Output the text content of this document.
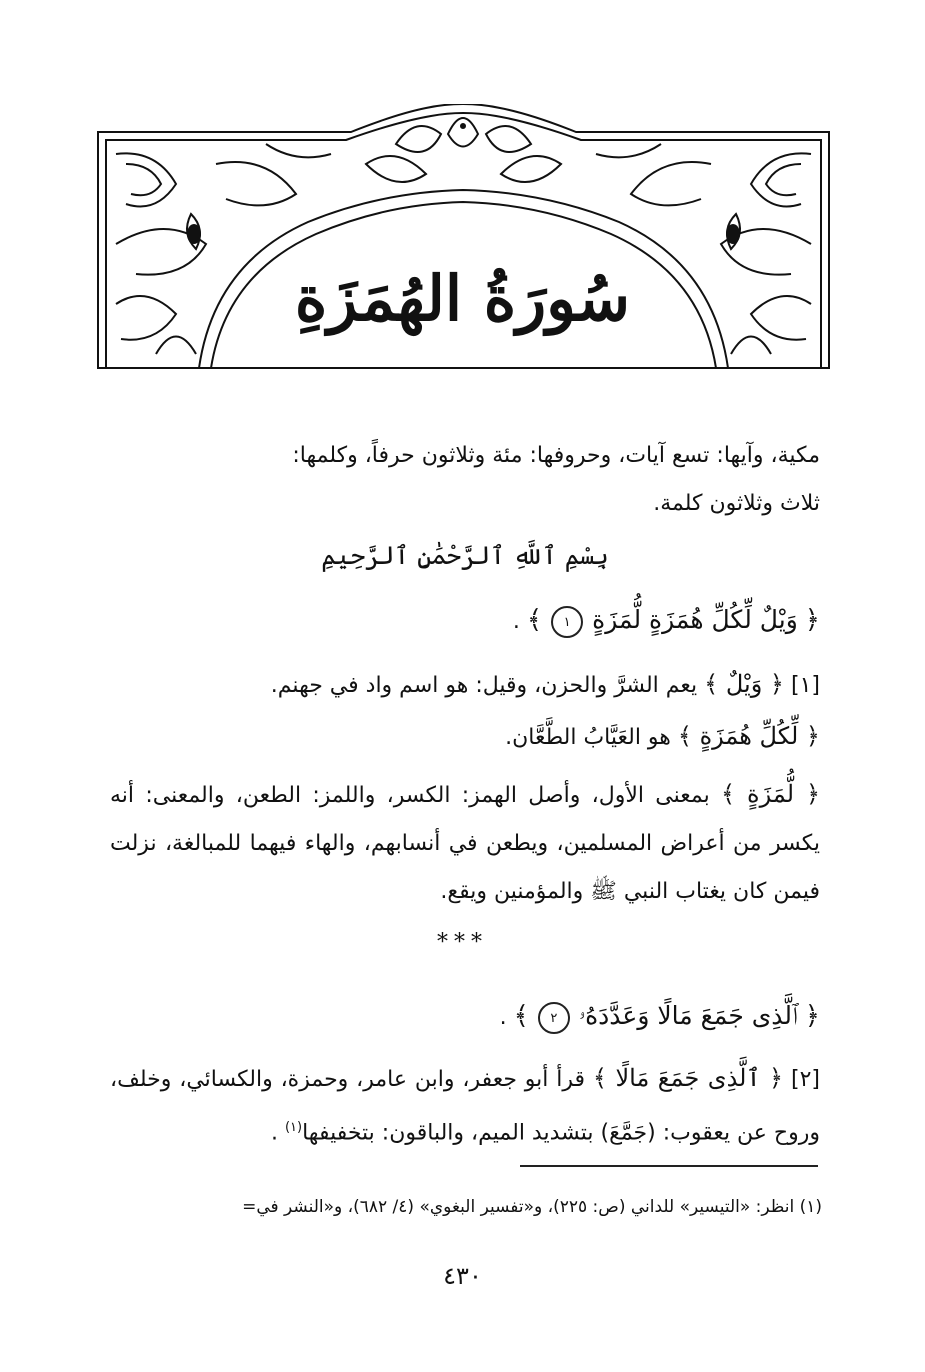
سُورَةُ الهُمَزَةِ
مكية، وآيها: تسع آيات، وحروفها: مئة وثلاثون حرفاً، وكلمها:
ثلاث وثلاثون كلمة.
بِسْمِ ٱللَّهِ ٱلرَّحْمَٰنِ ٱلرَّحِيمِ
﴿ وَيْلٌ لِّكُلِّ هُمَزَةٍ لُّمَزَةٍ ١ ﴾ .
[١] ﴿ وَيْلٌ ﴾ يعم الشرَّ والحزن، وقيل: هو اسم واد في جهنم.
﴿ لِّكُلِّ هُمَزَةٍ ﴾ هو العَيَّابُ الطَّعَّان.
﴿ لُّمَزَةٍ ﴾ بمعنى الأول، وأصل الهمز: الكسر، واللمز: الطعن، والمعنى: أنه يكسر من أعراض المسلمين، ويطعن في أنسابهم، والهاء فيهما للمبالغة، نزلت فيمن كان يغتاب النبي ﷺ والمؤمنين ويقع.
***
﴿ ٱلَّذِى جَمَعَ مَالًا وَعَدَّدَهُۥ ٢ ﴾ .
[٢] ﴿ ٱلَّذِى جَمَعَ مَالًا ﴾ قرأ أبو جعفر، وابن عامر، وحمزة، والكسائي، وخلف، وروح عن يعقوب: (جَمَّعَ) بتشديد الميم، والباقون: بتخفيفها$^{(١)}$ .
(١) انظر: «التيسير» للداني (ص: ٢٢٥)، و«تفسير البغوي» (٤/ ٦٨٢)، و«النشر في=
٤٣٠
